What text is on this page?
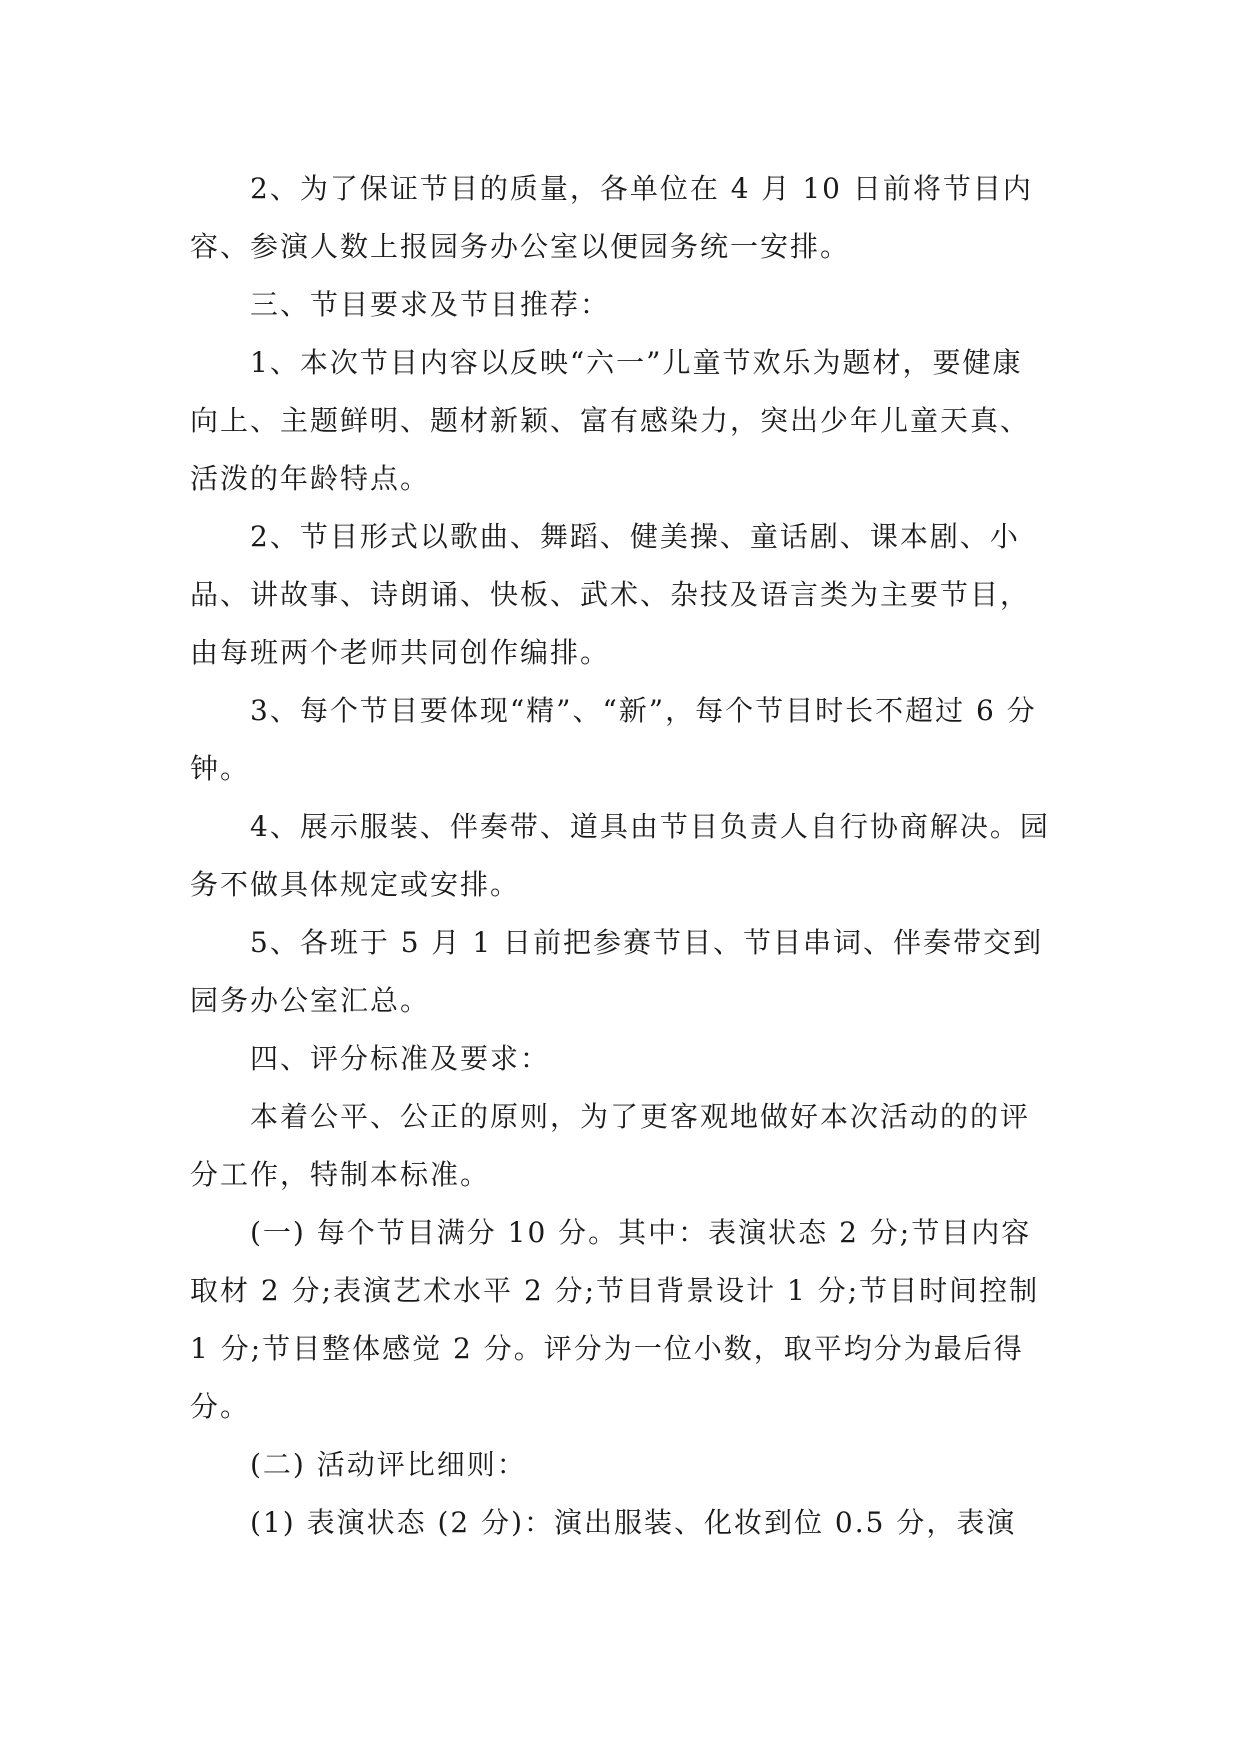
2、为了保证节目的质量，各单位在 4 月 10 日前将节目内容、参演人数上报园务办公室以便园务统一安排。

三、节目要求及节目推荐：

1、本次节目内容以反映“六一”儿童节欢乐为题材，要健康向上、主题鲜明、题材新颖、富有感染力，突出少年儿童天真、活泼的年龄特点。

2、节目形式以歌曲、舞蹈、健美操、童话剧、课本剧、小品、讲故事、诗朗诵、快板、武术、杂技及语言类为主要节目，由每班两个老师共同创作编排。

3、每个节目要体现“精”、“新”，每个节目时长不超过 6 分钟。

4、展示服装、伴奏带、道具由节目负责人自行协商解决。园务不做具体规定或安排。

5、各班于 5 月 1 日前把参赛节目、节目串词、伴奏带交到园务办公室汇总。

四、评分标准及要求：

本着公平、公正的原则，为了更客观地做好本次活动的的评分工作，特制本标准。

(一) 每个节目满分 10 分。其中：表演状态 2 分;节目内容取材 2 分;表演艺术水平 2 分;节目背景设计 1 分;节目时间控制 1 分;节目整体感觉 2 分。评分为一位小数，取平均分为最后得分。

(二) 活动评比细则：

(1) 表演状态 (2 分)：演出服装、化妆到位 0.5 分，表演
